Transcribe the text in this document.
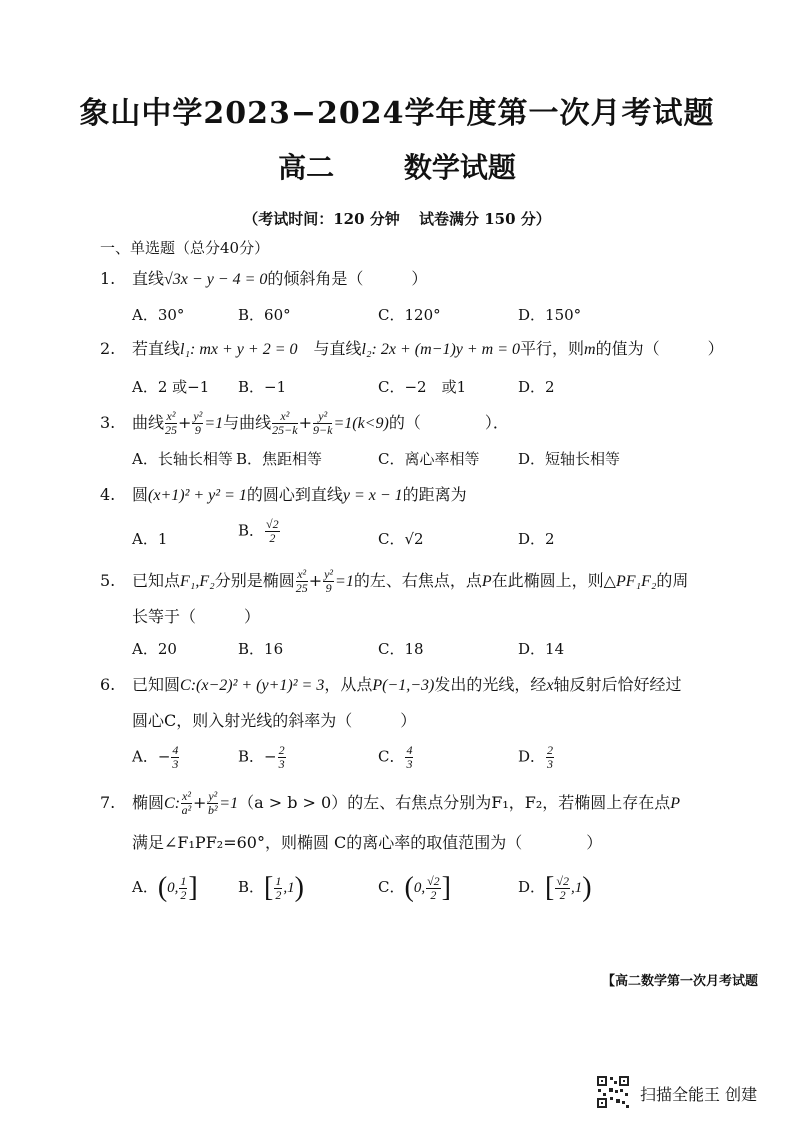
象山中学2023−2024学年度第一次月考试题
高二 数学试题
（考试时间：120 分钟 试卷满分 150 分）
一、单选题（总分40分）
1. 直线√3x − y − 4 = 0的倾斜角是（　　　）
A．30°	B．60°	C．120°	D．150°
2. 若直线l₁: mx + y + 2 = 0　 与直线l₂: 2x + (m−1)y + m = 0平行，则m的值为（　　　）
A．2 或−1 B．−1	C．−2　或1	D．2
3. 曲线 $\frac{\text{x²}}{25} + \frac{\text{y²}}{9} =1$与曲线 $\frac{\text{x²}}{25-k} + \frac{\text{y²}}{9-k} =1(k<9)$的（　　　　）．
A．长轴长相等 B．焦距相等	C．离心率相等	D．短轴长相等
4. 圆(x+1)² + y² = 1的圆心到直线y = x − 1的距离为
A．1	B． $\frac{√2}{2}$	C．√2	D．2
5. 已知点F₁,F₂分别是椭圆 $\frac{\text{x²}}{25} + \frac{\text{y²}}{9} =1$的左、右焦点，点P在此椭圆上，则△PF₁F₂的周
长等于（　　　）
A．20	B．16	C．18	D．14
6. 已知圆C:(x−2)² + (y+1)² = 3，从点P(−1,−3)发出的光线，经x轴反射后恰好经过
圆心C，则入射光线的斜率为（　　　）
A．− $\frac{4}{3}$	B．− $\frac{2}{3}$	C． $\frac{4}{3}$	D． $\frac{2}{3}$
7. 椭圆C: $\frac{\text{x²}}{\text{a²}} + \frac{\text{y²}}{\text{b²}} =1(a > b > 0)$的左、右焦点分别为F₁，F₂，若椭圆上存在点P
满足∠F₁PF₂=60°，则椭圆 C的离心率的取值范围为（　　　　）
A．(0, $\frac{1}{2}$ ]	B．[ $\frac{1}{2} ,1$)	C．(0, $\frac{√2}{2}$ ]	D．[ $\frac{√2}{2} ,1$)
【高二数学第一次月考试题
扫描全能王 创建
